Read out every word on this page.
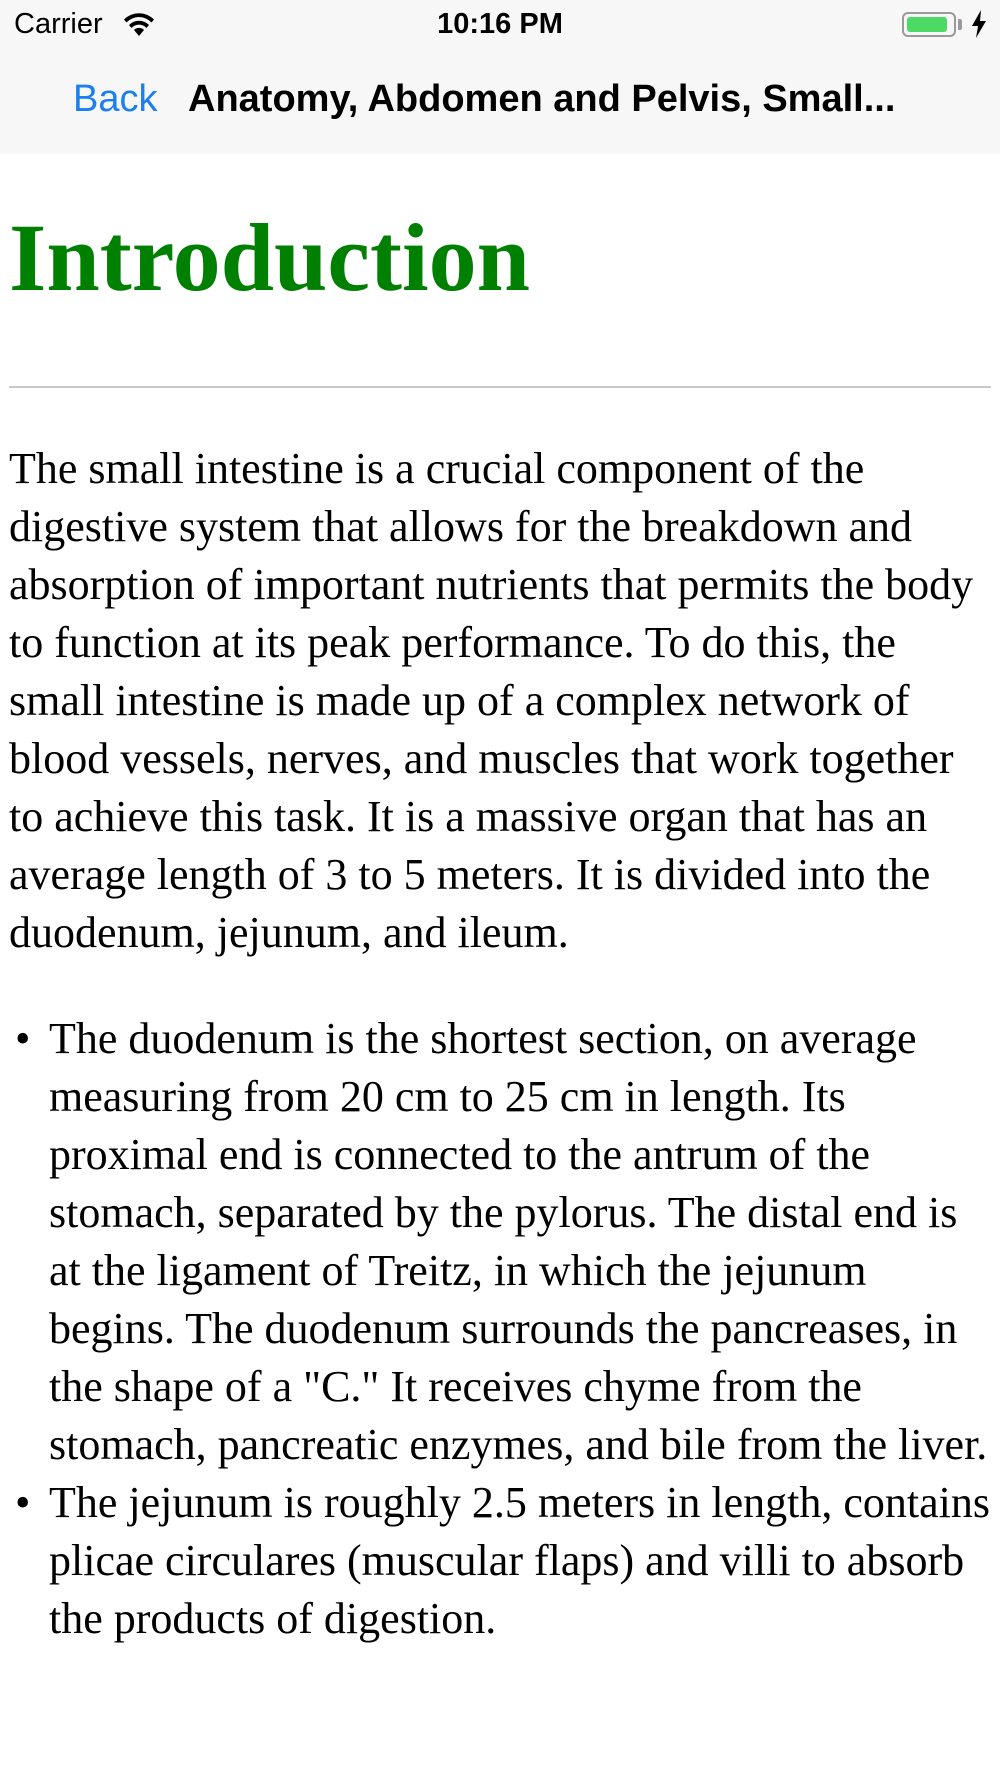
Carrier	10:16 PM
Back Anatomy, Abdomen and Pelvis, Small...
Introduction

The small intestine is a crucial component of the digestive system that allows for the breakdown and absorption of important nutrients that permits the body to function at its peak performance. To do this, the small intestine is made up of a complex network of blood vessels, nerves, and muscles that work together to achieve this task. It is a massive organ that has an average length of 3 to 5 meters. It is divided into the duodenum, jejunum, and ileum.

• The duodenum is the shortest section, on average measuring from 20 cm to 25 cm in length. Its proximal end is connected to the antrum of the stomach, separated by the pylorus. The distal end is at the ligament of Treitz, in which the jejunum begins. The duodenum surrounds the pancreases, in the shape of a "C." It receives chyme from the stomach, pancreatic enzymes, and bile from the liver.
• The jejunum is roughly 2.5 meters in length, contains plicae circulares (muscular flaps) and villi to absorb the products of digestion.
